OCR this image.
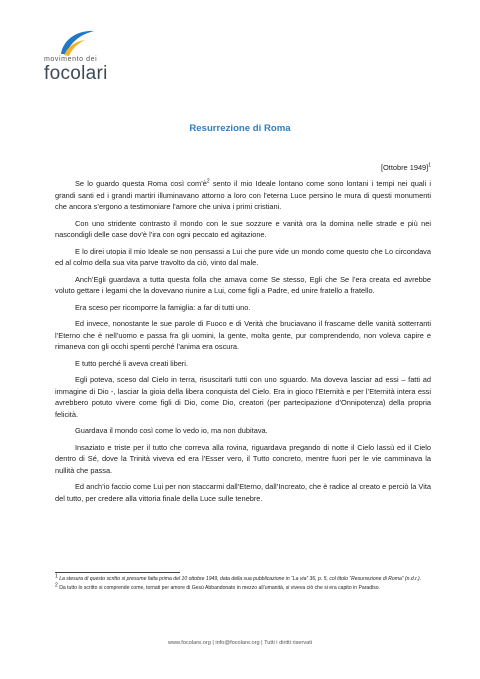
movimento dei
focolari
Resurrezione di Roma
[Ottobre 1949]$^1$

Se lo guardo questa Roma così $com’è^2$ sento il mio Ideale lontano come sono lontani i tempi nei quali i grandi santi ed i grandi martiri illuminavano attorno a loro con l’eterna Luce persino le mura di questi monumenti che ancora s’ergono a testimoniare l’amore che univa i primi cristiani.

Con uno stridente contrasto il mondo con le sue sozzure e vanità ora la domina nelle strade e più nei nascondigli delle case dov’è l’ira con ogni peccato ed agitazione.

E lo direi utopia il mio Ideale se non pensassi a Lui che pure vide un mondo come questo che Lo circondava ed al colmo della sua vita parve travolto da ciò, vinto dal male.

Anch’Egli guardava a tutta questa folla che amava come Se stesso, Egli che Se l’era creata ed avrebbe voluto gettare i legami che la dovevano riunire a Lui, come figli a Padre, ed unire fratello a fratello.

Era sceso per ricomporre la famiglia: a far di tutti uno.

Ed invece, nonostante le sue parole di Fuoco e di Verità che bruciavano il frascame delle vanità sotterranti l’Eterno che è nell’uomo e passa fra gli uomini, la gente, molta gente, pur comprendendo, non voleva capire e rimaneva con gli occhi spenti perché l’anima era oscura.

E tutto perché li aveva creati liberi.

Egli poteva, sceso dal Cielo in terra, risuscitarli tutti con uno sguardo. Ma doveva lasciar ad essi – fatti ad immagine di Dio -, lasciar la gioia della libera conquista del Cielo. Era in gioco l’Eternità e per l’Eternità intera essi avrebbero potuto vivere come figli di Dio, come Dio, creatori (per partecipazione d’Onnipotenza) della propria felicità.

Guardava il mondo così come lo vedo io, ma non dubitava.

Insaziato e triste per il tutto che correva alla rovina, riguardava pregando di notte il Cielo lassù ed il Cielo dentro di Sé, dove la Trinità viveva ed era l’Esser vero, il Tutto concreto, mentre fuori per le vie camminava la nullità che passa.

Ed anch’io faccio come Lui per non staccarmi dall’Eterno, dall’Increato, che è radice al creato e perciò la Vita del tutto, per credere alla vittoria finale della Luce sulle tenebre.

$^1$ La stesura di questo scritto si presume fatta prima del 10 ottobre 1949, data della sua pubblicazione in “La via” 36, p. 5, col titolo “Resurrezione di Roma” (n.d.r.).
$^2$ Da tutto lo scritto si comprende come, tornati per amore di Gesù Abbandonato in mezzo all’umanità, si viveva ciò che si era capito in Paradiso.
www.focolare.org | info@focolare.org | Tutti i diritti riservati
